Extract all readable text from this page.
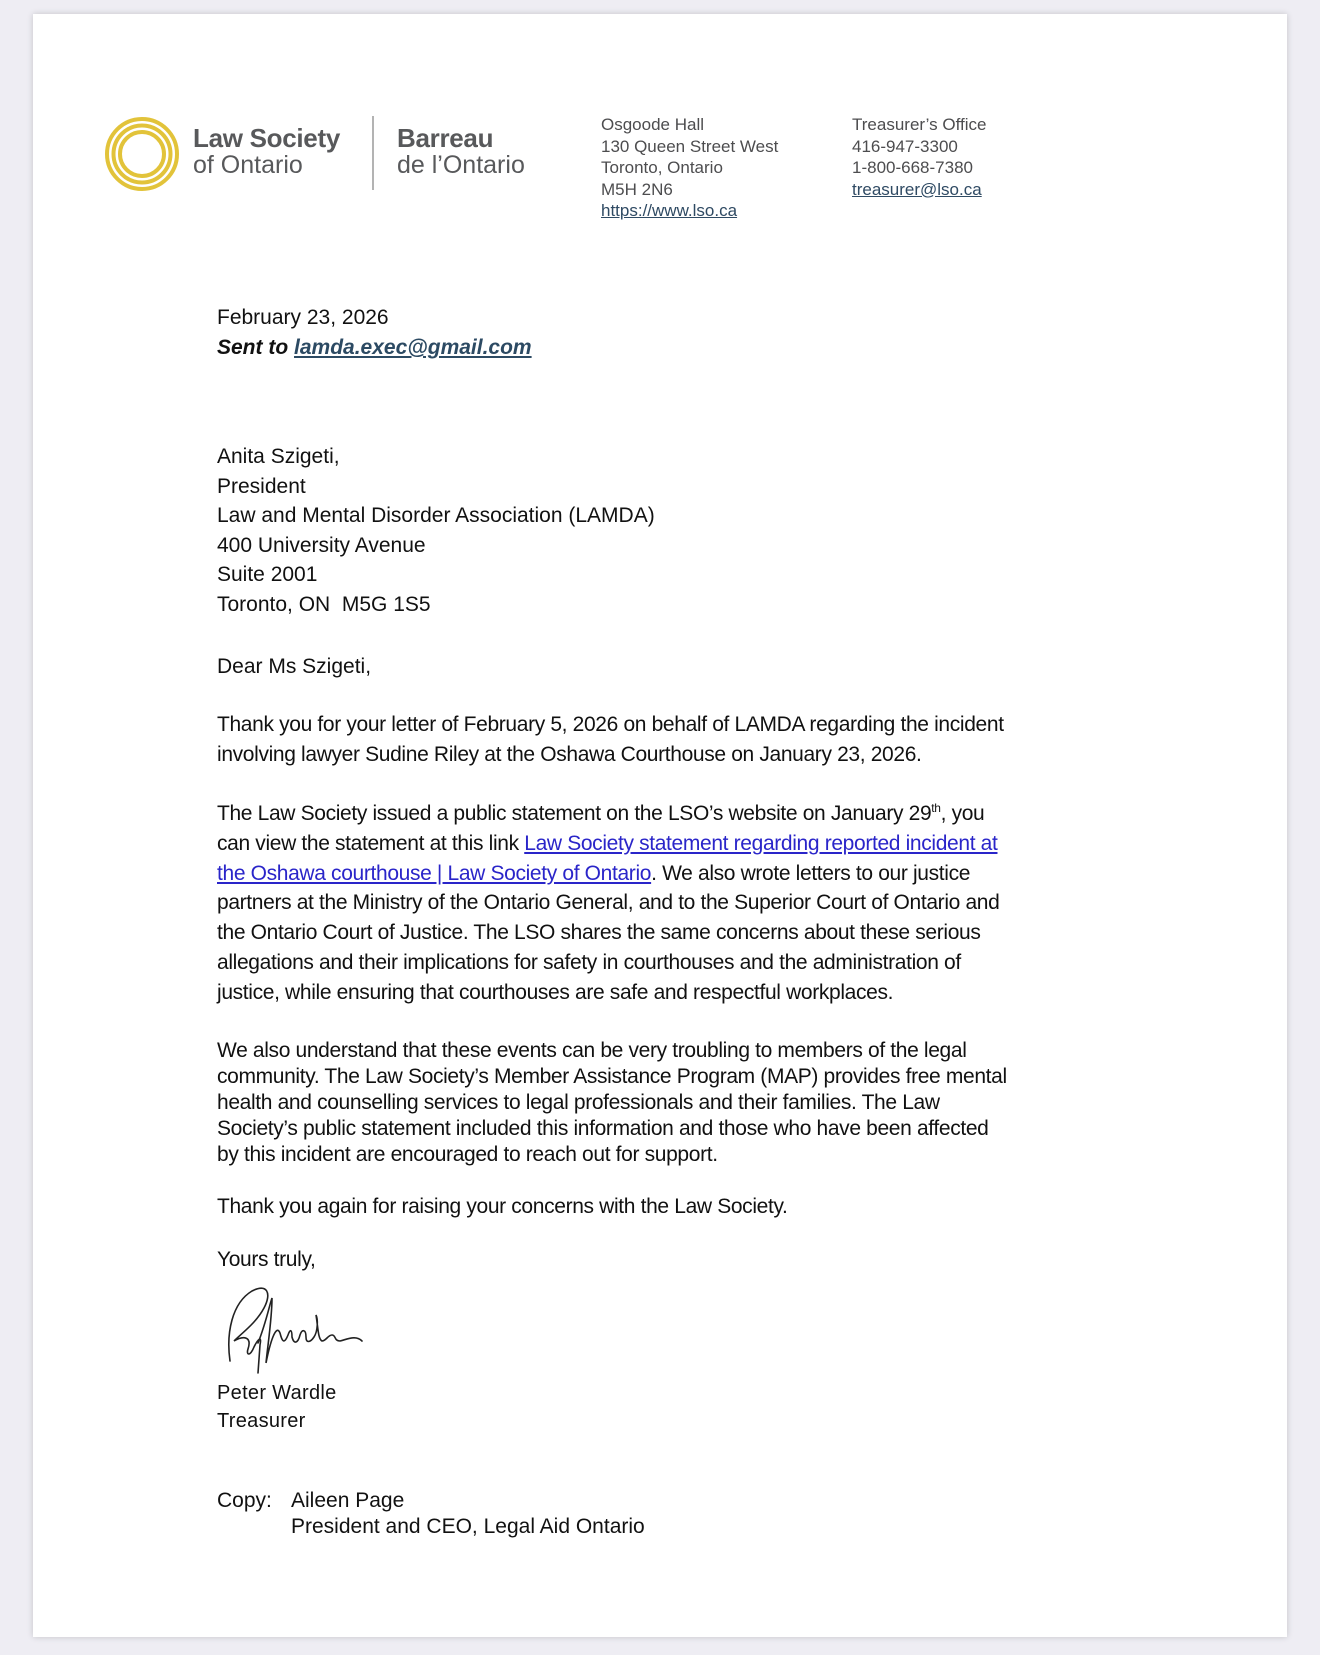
Law Society
of Ontario
Barreau
de l’Ontario
Osgoode Hall
130 Queen Street West
Toronto, Ontario
M5H 2N6
https://www.lso.ca
Treasurer’s Office
416-947-3300
1-800-668-7380
treasurer@lso.ca
February 23, 2026
Sent to lamda.exec@gmail.com
Anita Szigeti,
President
Law and Mental Disorder Association (LAMDA)
400 University Avenue
Suite 2001
Toronto, ON  M5G 1S5
Dear Ms Szigeti,
Thank you for your letter of February 5, 2026 on behalf of LAMDA regarding the incident
involving lawyer Sudine Riley at the Oshawa Courthouse on January 23, 2026.
The Law Society issued a public statement on the LSO’s website on January 29th, you
can view the statement at this link Law Society statement regarding reported incident at
the Oshawa courthouse | Law Society of Ontario. We also wrote letters to our justice
partners at the Ministry of the Ontario General, and to the Superior Court of Ontario and
the Ontario Court of Justice. The LSO shares the same concerns about these serious
allegations and their implications for safety in courthouses and the administration of
justice, while ensuring that courthouses are safe and respectful workplaces.
We also understand that these events can be very troubling to members of the legal
community. The Law Society’s Member Assistance Program (MAP) provides free mental
health and counselling services to legal professionals and their families. The Law
Society’s public statement included this information and those who have been affected
by this incident are encouraged to reach out for support.
Thank you again for raising your concerns with the Law Society.
Yours truly,
Peter Wardle
Treasurer
Copy: Aileen Page
President and CEO, Legal Aid Ontario
